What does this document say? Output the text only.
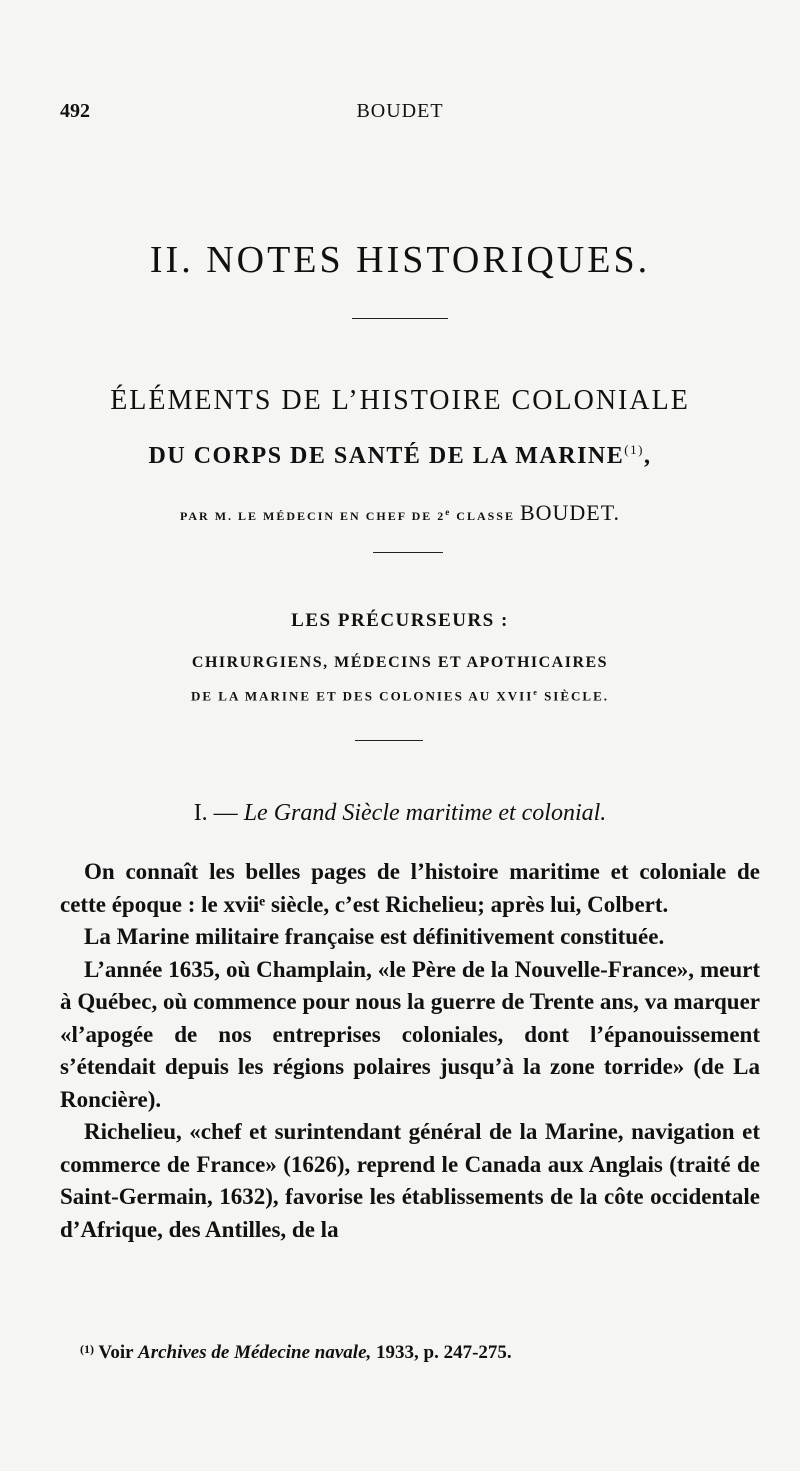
492	BOUDET
II. NOTES HISTORIQUES.
ÉLÉMENTS DE L’HISTOIRE COLONIALE
DU CORPS DE SANTÉ DE LA MARINE$^{(1)}$,
PAR M. LE MÉDECIN EN CHEF DE 2e CLASSE BOUDET.
LES PRÉCURSEURS :
CHIRURGIENS, MÉDECINS ET APOTHICAIRES
DE LA MARINE ET DES COLONIES AU XVIIe SIÈCLE.
I. — Le Grand Siècle maritime et colonial.

On connaît les belles pages de l’histoire maritime et coloniale de cette époque : le xviiᵉ siècle, c’est Richelieu; après lui, Colbert.

La Marine militaire française est définitivement constituée.

L’année 1635, où Champlain, «le Père de la Nouvelle-France», meurt à Québec, où commence pour nous la guerre de Trente ans, va marquer «l’apogée de nos entreprises coloniales, dont l’épanouissement s’étendait depuis les régions polaires jusqu’à la zone torride» (de La Roncière).

Richelieu, «chef et surintendant général de la Marine, navigation et commerce de France» (1626), reprend le Canada aux Anglais (traité de Saint-Germain, 1632), favorise les établissements de la côte occidentale d’Afrique, des Antilles, de la

$^{(1)}$ Voir Archives de Médecine navale, 1933, p. 247-275.
